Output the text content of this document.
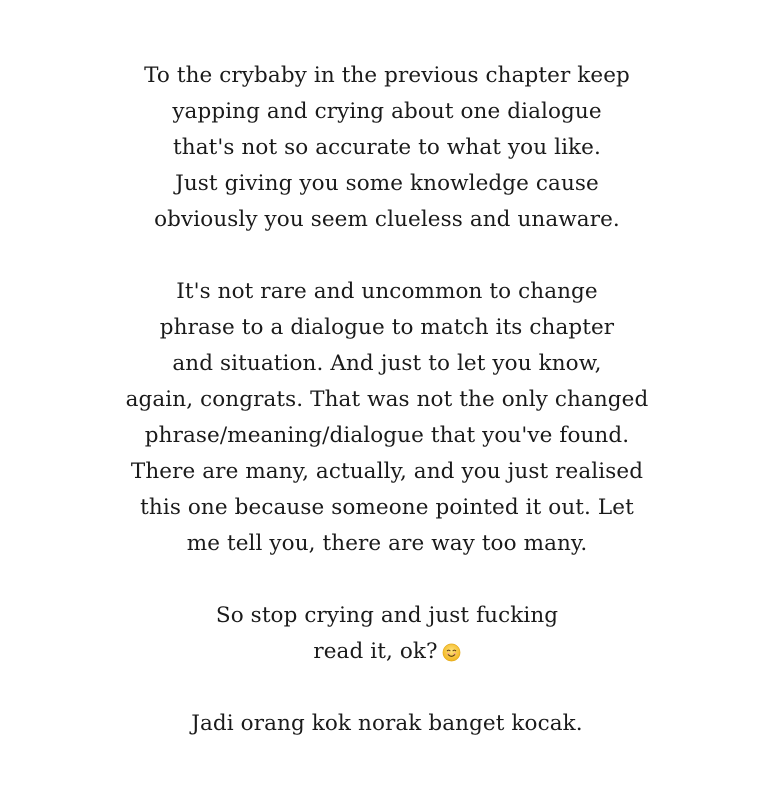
To the crybaby in the previous chapter keep
yapping and crying about one dialogue
that's not so accurate to what you like.
Just giving you some knowledge cause
obviously you seem clueless and unaware.
It's not rare and uncommon to change
phrase to a dialogue to match its chapter
and situation. And just to let you know,
again, congrats. That was not the only changed
phrase/meaning/dialogue that you've found.
There are many, actually, and you just realised
this one because someone pointed it out. Let
me tell you, there are way too many.
So stop crying and just fucking
read it, ok?
Jadi orang kok norak banget kocak.
